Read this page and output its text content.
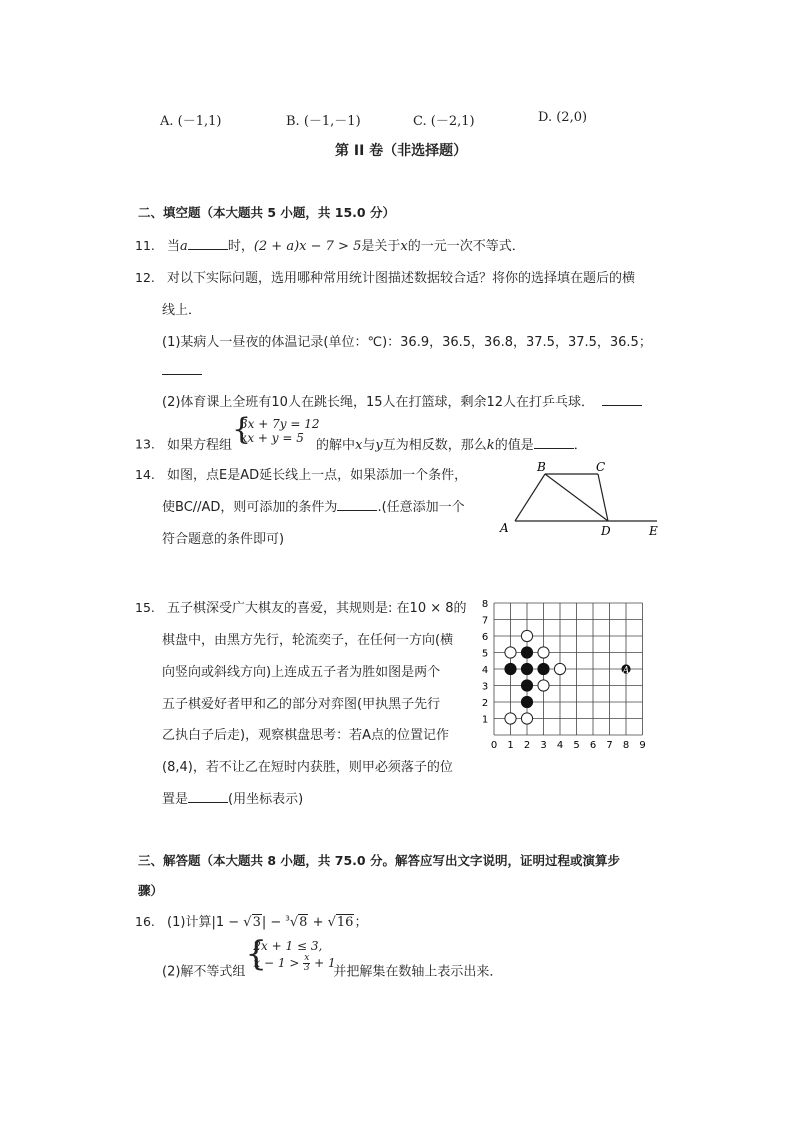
A. (－1,1)	B. (－1,－1)	C. (－2,1)	D. (2,0)
第 II 卷（非选择题）
二、填空题（本大题共 5 小题，共 15.0 分）
11. 当a	时，(2 + a)x − 7 > 5是关于x的一元一次不等式．
12. 对以下实际问题，选用哪种常用统计图描述数据较合适？将你的选择填在题后的横
线上．
(1)某病人一昼夜的体温记录(单位：℃)：36.9，36.5，36.8，37.5，37.5，36.5；
(2)体育课上全班有10人在跳长绳，15人在打篮球，剩余12人在打乒乓球．
13. 如果方程组 {
3x + 7y = 12
kx + y = 5 的解中x与y互为相反数，那么k的值是	．
14. 如图，点E是AD延长线上一点，如果添加一个条件，
使BC//AD，则可添加的条件为	.(任意添加一个
符合题意的条件即可)
A
B	C
D	E
15. 五子棋深受广大棋友的喜爱，其规则是: 在10 × 8的
棋盘中，由黑方先行，轮流奕子，在任何一方向(横
向竖向或斜线方向)上连成五子者为胜如图是两个
五子棋爱好者甲和乙的部分对弈图(甲执黑子先行
乙执白子后走)，观察棋盘思考：若A点的位置记作
(8,4)，若不让乙在短时内获胜，则甲必须落子的位
置是	(用坐标表示)
0 1 2 3 4 5 6 7 8 9
1
2
3
4
5
6
7
8
A
三、解答题（本大题共 8 小题，共 75.0 分。解答应写出文字说明，证明过程或演算步
骤）
16. (1)计算|1 − √3| − $^3$√8 + √16；
(2)解不等式组 {
2x + 1 ≤ 3,
$x - 1 > \frac{x}{3} + 1$
并把解集在数轴上表示出来．
